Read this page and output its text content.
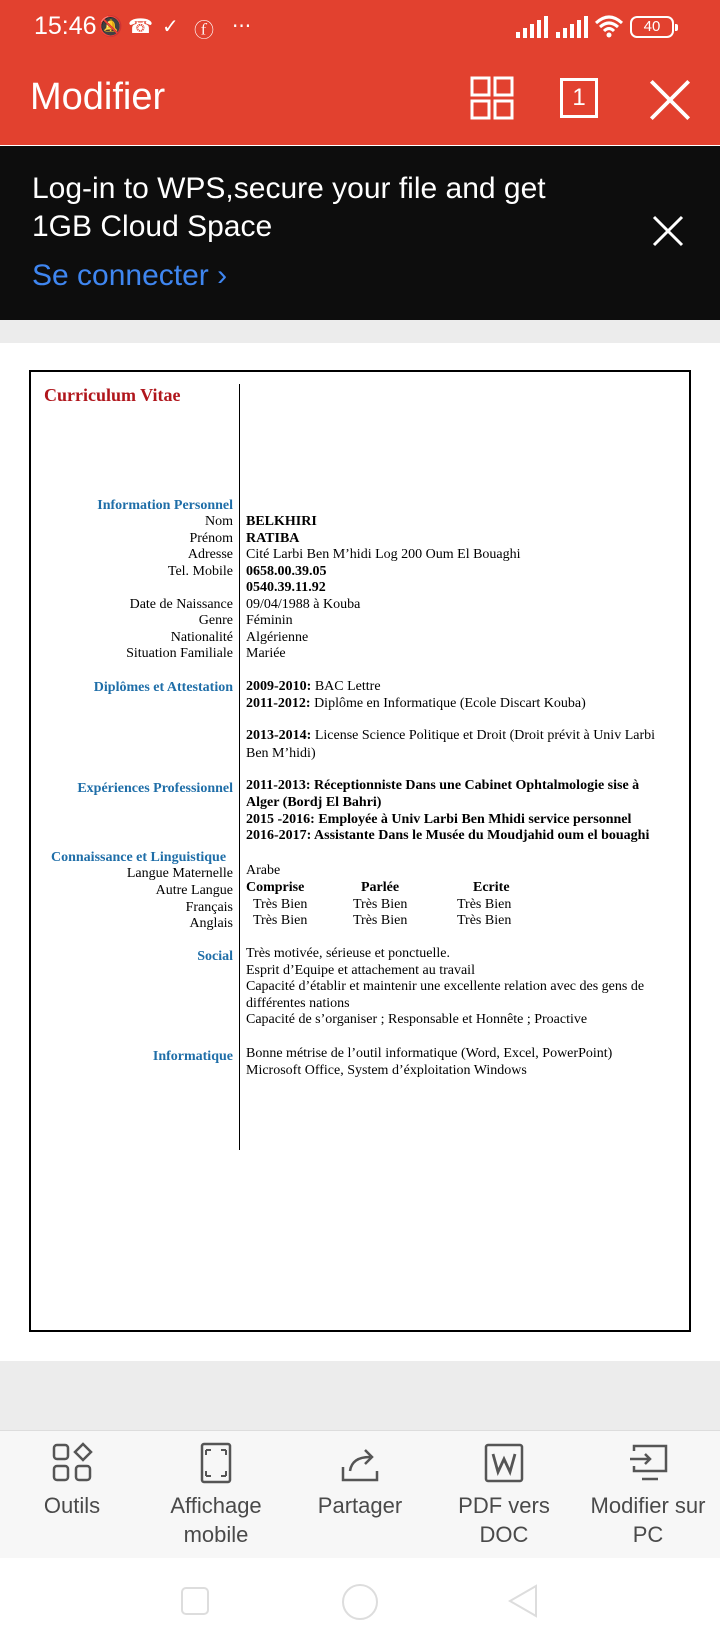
15:46 🔕 ☎ ✓ ⓕ ···	40
Modifier	1
Log-in to WPS,secure your file and get
1GB Cloud Space
Se connecter ›
Curriculum Vitae
Information Personnel
Nom BELKHIRI
Prénom RATIBA
Adresse Cité Larbi Ben M’hidi Log 200 Oum El Bouaghi
Tel. Mobile 0658.00.39.05
0540.39.11.92
Date de Naissance 09/04/1988 à Kouba
Genre Féminin
Nationalité Algérienne
Situation Familiale Mariée
Diplômes et Attestation 2009-2010: BAC Lettre
2011-2012: Diplôme en Informatique (Ecole Discart Kouba)
2013-2014: License Science Politique et Droit (Droit prévit à Univ Larbi
Ben M’hidi)
Expériences Professionnel 2011-2013: Réceptionniste Dans une Cabinet Ophtalmologie sise à
Alger (Bordj El Bahri)
2015 -2016: Employée à Univ Larbi Ben Mhidi service personnel
2016-2017: Assistante Dans le Musée du Moudjahid oum el bouaghi
Connaissance et Linguistique
Langue Maternelle Arabe
Autre Langue Comprise	Parlée	Ecrite
Français Très Bien	Très Bien	Très Bien
Anglais Très Bien	Très Bien	Très Bien
Social Très motivée, sérieuse et ponctuelle.
Esprit d’Equipe et attachement au travail
Capacité d’établir et maintenir une excellente relation avec des gens de
différentes nations
Capacité de s’organiser ; Responsable et Honnête ; Proactive
Informatique Bonne métrise de l’outil informatique (Word, Excel, PowerPoint)
Microsoft Office, System d’éxploitation Windows
Outils	Affichage mobile
Partager	PDF vers DOC
Modifier sur PC
